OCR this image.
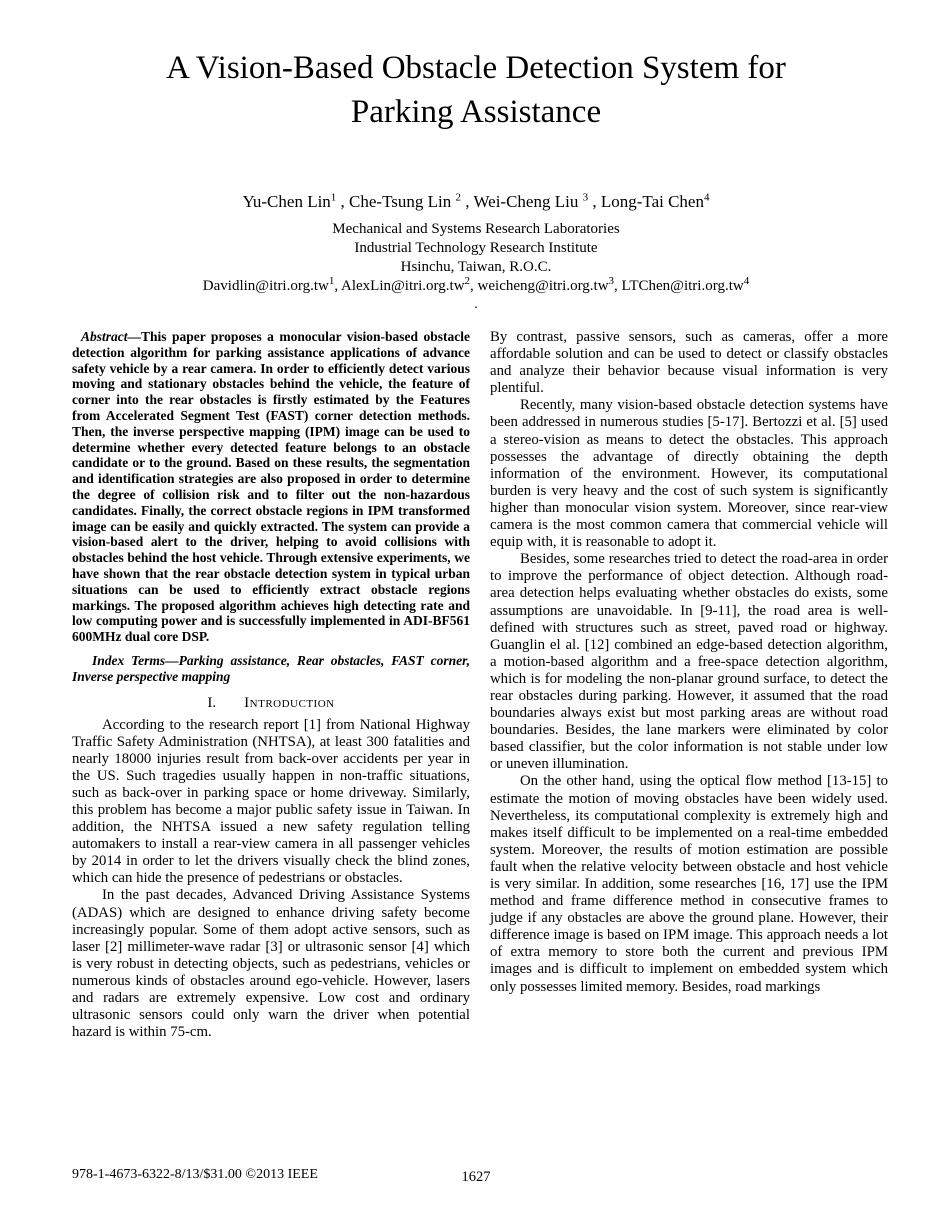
A Vision-Based Obstacle Detection System for
Parking Assistance
Yu-Chen Lin$^1$ , Che-Tsung Lin $^2$ , Wei-Cheng Liu $^3$ , Long-Tai Chen$^4$
Mechanical and Systems Research Laboratories
Industrial Technology Research Institute
Hsinchu, Taiwan, R.O.C.
$Davidlin@itri.org.tw^1$, $AlexLin@itri.org.tw^2$, $weicheng@itri.org.tw^3$, $LTChen@itri.org.tw^4$
.

Abstract—This paper proposes a monocular vision-based obstacle detection algorithm for parking assistance applications of advance safety vehicle by a rear camera. In order to efficiently detect various moving and stationary obstacles behind the vehicle, the feature of corner into the rear obstacles is firstly estimated by the Features from Accelerated Segment Test (FAST) corner detection methods. Then, the inverse perspective mapping (IPM) image can be used to determine whether every detected feature belongs to an obstacle candidate or to the ground. Based on these results, the segmentation and identification strategies are also proposed in order to determine the degree of collision risk and to filter out the non-hazardous candidates. Finally, the correct obstacle regions in IPM transformed image can be easily and quickly extracted. The system can provide a vision-based alert to the driver, helping to avoid collisions with obstacles behind the host vehicle. Through extensive experiments, we have shown that the rear obstacle detection system in typical urban situations can be used to efficiently extract obstacle regions markings. The proposed algorithm achieves high detecting rate and low computing power and is successfully implemented in ADI-BF561 600MHz dual core DSP.

Index Terms—Parking assistance, Rear obstacles, FAST corner, Inverse perspective mapping

I. Introduction

According to the research report [1] from National Highway Traffic Safety Administration (NHTSA), at least 300 fatalities and nearly 18000 injuries result from back-over accidents per year in the US. Such tragedies usually happen in non-traffic situations, such as back-over in parking space or home driveway. Similarly, this problem has become a major public safety issue in Taiwan. In addition, the NHTSA issued a new safety regulation telling automakers to install a rear-view camera in all passenger vehicles by 2014 in order to let the drivers visually check the blind zones, which can hide the presence of pedestrians or obstacles.

In the past decades, Advanced Driving Assistance Systems (ADAS) which are designed to enhance driving safety become increasingly popular. Some of them adopt active sensors, such as laser [2] millimeter-wave radar [3] or ultrasonic sensor [4] which is very robust in detecting objects, such as pedestrians, vehicles or numerous kinds of obstacles around ego-vehicle. However, lasers and radars are extremely expensive. Low cost and ordinary ultrasonic sensors could only warn the driver when potential hazard is within 75-cm.

By contrast, passive sensors, such as cameras, offer a more affordable solution and can be used to detect or classify obstacles and analyze their behavior because visual information is very plentiful.

Recently, many vision-based obstacle detection systems have been addressed in numerous studies [5-17]. Bertozzi et al. [5] used a stereo-vision as means to detect the obstacles. This approach possesses the advantage of directly obtaining the depth information of the environment. However, its computational burden is very heavy and the cost of such system is significantly higher than monocular vision system. Moreover, since rear-view camera is the most common camera that commercial vehicle will equip with, it is reasonable to adopt it.

Besides, some researches tried to detect the road-area in order to improve the performance of object detection. Although road-area detection helps evaluating whether obstacles do exists, some assumptions are unavoidable. In [9-11], the road area is well-defined with structures such as street, paved road or highway. Guanglin el al. [12] combined an edge-based detection algorithm, a motion-based algorithm and a free-space detection algorithm, which is for modeling the non-planar ground surface, to detect the rear obstacles during parking. However, it assumed that the road boundaries always exist but most parking areas are without road boundaries. Besides, the lane markers were eliminated by color based classifier, but the color information is not stable under low or uneven illumination.

On the other hand, using the optical flow method [13-15] to estimate the motion of moving obstacles have been widely used. Nevertheless, its computational complexity is extremely high and makes itself difficult to be implemented on a real-time embedded system. Moreover, the results of motion estimation are possible fault when the relative velocity between obstacle and host vehicle is very similar. In addition, some researches [16, 17] use the IPM method and frame difference method in consecutive frames to judge if any obstacles are above the ground plane. However, their difference image is based on IPM image. This approach needs a lot of extra memory to store both the current and previous IPM images and is difficult to implement on embedded system which only possesses limited memory. Besides, road markings

978-1-4673-6322-8/13/$31.00 ©2013 IEEE	1627
